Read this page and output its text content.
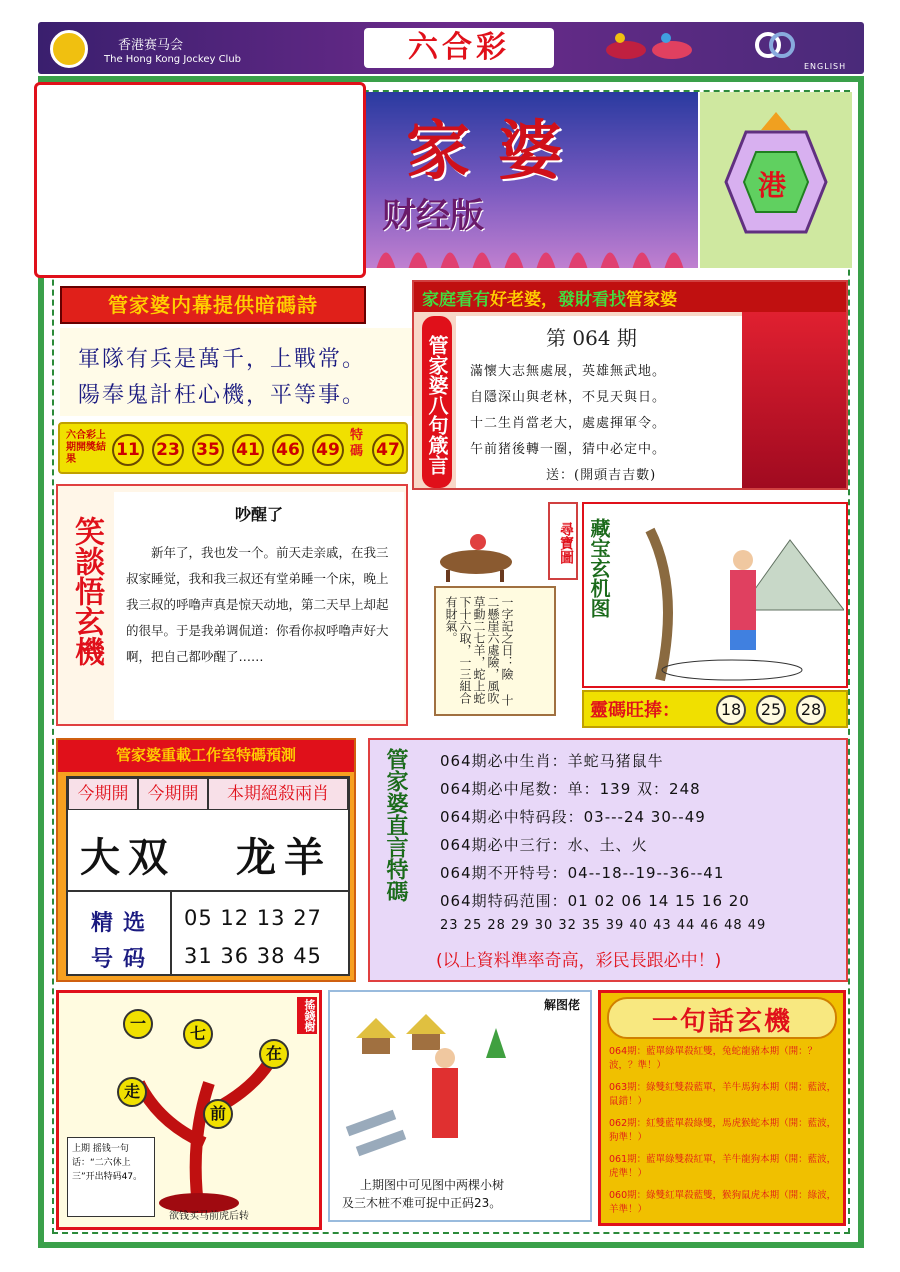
香港赛马会
The Hong Kong Jockey Club	六合彩
ENGLISH
家婆
财经版
港
管家婆内幕提供暗碼詩
軍隊有兵是萬千，上戰常。
陽奉鬼計枉心機，平等事。
六合彩上期開獎結果	11 23 35 41 46 49
特碼 47
家庭看有好老婆，發財看找管家婆
管家婆八句箴言	第 064 期
滿懷大志無處展，英雄無武地。
自隱深山與老林，不見天與日。
十二生肖當老大，處處揮軍令。
午前猪後轉一圈，猜中必定中。
送：(開頭吉吉數)
笑談悟玄機
吵醒了
新年了，我也发一个。前天走亲戚，在我三叔家睡觉，我和我三叔还有堂弟睡一个床，晚上我三叔的呼噜声真是惊天动地，第二天早上却起的很早。于是我弟调侃道：你看你叔呼噜声好大啊，把自己都吵醒了……
尋寶圖
一字記之日：險 十二懸崖六處險，風吹草動二七羊，蛇上蛇下十六取，一三組合有財氣。
藏宝玄机图
靈碼旺捧：	18	25	28
管家婆重載工作室特碼預測
今期開	今期開	本期絕殺兩肖
大双 龙羊
精选号码
05 12 13 27
31 36 38 45
管家婆直言特碼 064期必中生肖：羊蛇马猪鼠牛
064期必中尾数：单：139 双：248
064期必中特码段：03---24 30--49
064期必中三行：水、土、火
064期不开特号：04--18--19--36--41
064期特码范围：01 02 06 14 15 16 20
23 25 28 29 30 32 35 39 40 43 44 46 48 49
(以上資料準率奇高，彩民長跟必中！)
搖錢樹
一
七
在
走
前
上期 摇钱一句话：“二六休上三”开出特码47。
欲钱买马前虎后转
解图佬
上期图中可见图中两棵小树
及三木桩不难可捉中正码23。
一句話玄機
064期：藍單綠單殺紅雙，兔蛇龍豬本期（開：？波，？準！）
063期：綠雙紅雙殺藍單，羊牛馬狗本期（開：藍波，鼠錯！）
062期：紅雙藍單殺綠雙，馬虎猴蛇本期（開：藍波，狗準！）
061期：藍單綠雙殺紅單，羊牛龍狗本期（開：藍波，虎準！）
060期：綠雙紅單殺藍雙，猴狗鼠虎本期（開：綠波，羊準！）
